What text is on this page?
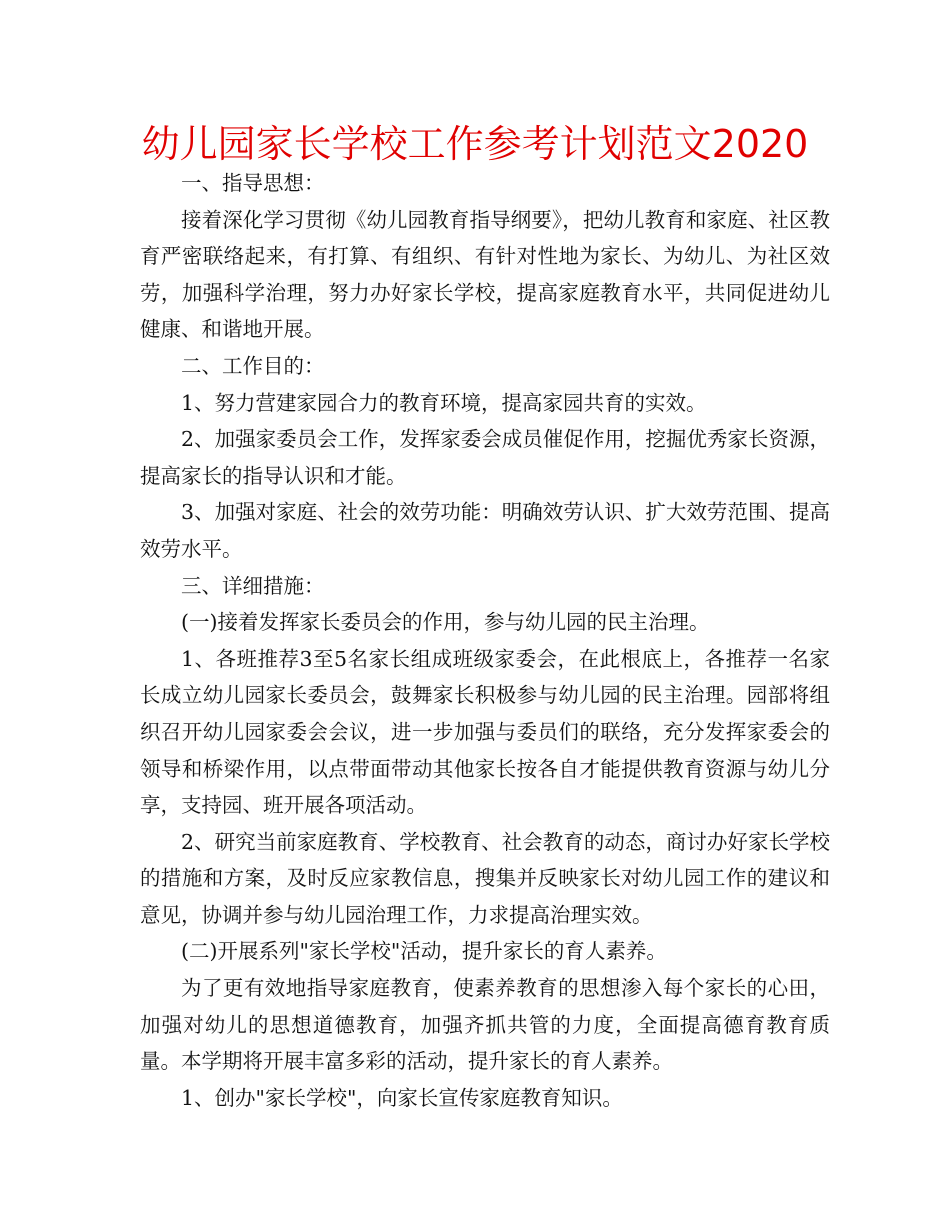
幼儿园家长学校工作参考计划范文2020

一、指导思想：

接着深化学习贯彻《幼儿园教育指导纲要》，把幼儿教育和家庭、社区教育严密联络起来，有打算、有组织、有针对性地为家长、为幼儿、为社区效劳，加强科学治理，努力办好家长学校，提高家庭教育水平，共同促进幼儿健康、和谐地开展。

二、工作目的：

1、努力营建家园合力的教育环境，提高家园共育的实效。

2、加强家委员会工作，发挥家委会成员催促作用，挖掘优秀家长资源，提高家长的指导认识和才能。

3、加强对家庭、社会的效劳功能：明确效劳认识、扩大效劳范围、提高效劳水平。

三、详细措施：

(一)接着发挥家长委员会的作用，参与幼儿园的民主治理。

1、各班推荐3至5名家长组成班级家委会，在此根底上，各推荐一名家长成立幼儿园家长委员会，鼓舞家长积极参与幼儿园的民主治理。园部将组织召开幼儿园家委会会议，进一步加强与委员们的联络，充分发挥家委会的领导和桥梁作用，以点带面带动其他家长按各自才能提供教育资源与幼儿分享，支持园、班开展各项活动。

2、研究当前家庭教育、学校教育、社会教育的动态，商讨办好家长学校的措施和方案，及时反应家教信息，搜集并反映家长对幼儿园工作的建议和意见，协调并参与幼儿园治理工作，力求提高治理实效。

(二)开展系列"家长学校"活动，提升家长的育人素养。

为了更有效地指导家庭教育，使素养教育的思想渗入每个家长的心田，加强对幼儿的思想道德教育，加强齐抓共管的力度，全面提高德育教育质量。本学期将开展丰富多彩的活动，提升家长的育人素养。

1、创办"家长学校"，向家长宣传家庭教育知识。
